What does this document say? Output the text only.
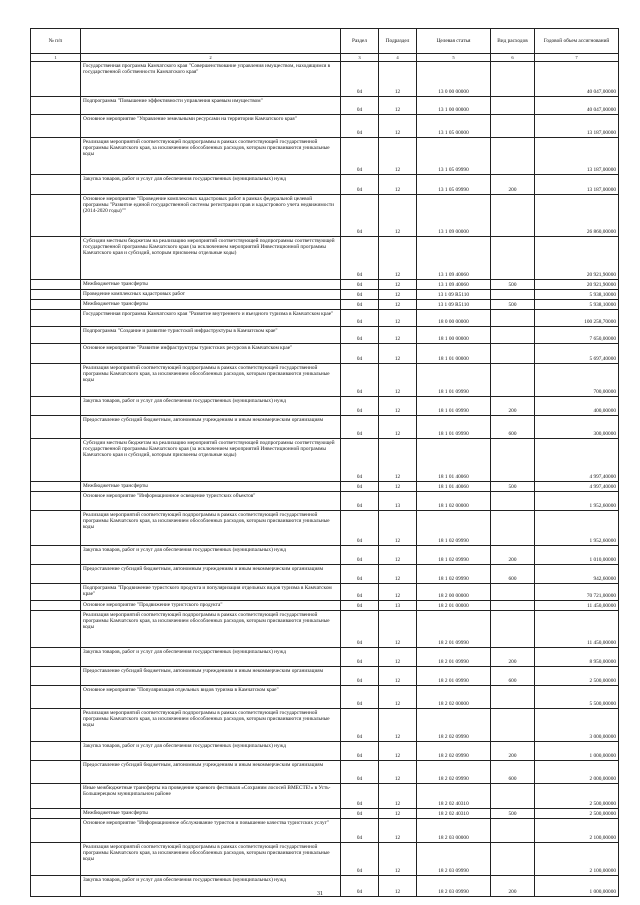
№ п/п		Раздел	Подраздел	Целевая статья	Вид расходов	Годовой объем ассигнований
1	2	3	4	5	6	7
	Государственная программа Камчатского края "Совершенствование управления имуществом, находящимся в государственной собственности Камчатского края"	04	12	13 0 00 00000		40 047,00000
	Подпрограмма "Повышение эффективности управления краевым имуществом"	04	12	13 1 00 00000		40 047,00000
	Основное мероприятие "Управление земельными ресурсами на территории Камчатского края"	04	12	13 1 05 00000		13 187,00000
	Реализация мероприятий соответствующей подпрограммы в рамках соответствующей государственной программы Камчатского края, за исключением обособленных расходов, которым присваиваются уникальные коды	04	12	13 1 05 09990		13 187,00000
	Закупка товаров, работ и услуг для обеспечения государственных (муниципальных) нужд	04	12	13 1 05 09990	200	13 187,00000
	Основное мероприятие "Проведение комплексных кадастровых работ в рамках федеральной целевой программы "Развитие единой государственной системы регистрации прав и кадастрового учета недвижимости (2014-2020 годы)""	04	12	13 1 09 00000		26 860,00000
	Субсидии местным бюджетам на реализацию мероприятий соответствующей подпрограммы соответствующей государственной программы Камчатского края (за исключением мероприятий Инвестиционной программы Камчатского края и субсидий, которым присвоены отдельные коды)	04	12	13 1 09 40060		20 921,90000
	Межбюджетные трансферты	04	12	13 1 09 40060	500	20 921,90000
	Проведение комплексных кадастровых работ	04	12	13 1 09 R5110		5 938,10000
	Межбюджетные трансферты	04	12	13 1 09 R5110	500	5 938,10000
	Государственная программа Камчатского края "Развитие внутреннего и въездного туризма в Камчатском крае"	04	12	18 0 00 00000		100 258,70000
	Подпрограмма "Создание и развитие туристской инфраструктуры в Камчатском крае"	04	12	18 1 00 00000		7 650,00000
	Основное мероприятие "Развитие инфраструктуры туристских ресурсов в Камчатском крае"	04	12	18 1 01 00000		5 697,40000
	Реализация мероприятий соответствующей подпрограммы в рамках соответствующей государственной программы Камчатского края, за исключением обособленных расходов, которым присваиваются уникальные коды	04	12	18 1 01 09990		700,00000
	Закупка товаров, работ и услуг для обеспечения государственных (муниципальных) нужд	04	12	18 1 01 09990	200	400,00000
	Предоставление субсидий бюджетным, автономным учреждениям и иным некоммерческим организациям	04	12	18 1 01 09990	600	300,00000
	Субсидии местным бюджетам на реализацию мероприятий соответствующей подпрограммы соответствующей государственной программы Камчатского края (за исключением мероприятий Инвестиционной программы Камчатского края и субсидий, которым присвоены отдельные коды)	04	12	18 1 01 40060		4 997,40000
	Межбюджетные трансферты	04	12	18 1 01 40060	500	4 997,40000
	Основное мероприятие "Информационное освещение туристских объектов"	04	13	18 1 02 00000		1 952,60000
	Реализация мероприятий соответствующей подпрограммы в рамках соответствующей государственной программы Камчатского края, за исключением обособленных расходов, которым присваиваются уникальные коды	04	12	18 1 02 09990		1 952,60000
	Закупка товаров, работ и услуг для обеспечения государственных (муниципальных) нужд	04	12	18 1 02 09990	200	1 010,00000
	Предоставление субсидий бюджетным, автономным учреждениям и иным некоммерческим организациям	04	12	18 1 02 09990	600	942,60000
	Подпрограмма "Продвижение туристского продукта и популяризация отдельных видов туризма в Камчатском крае"	04	12	18 2 00 00000		70 721,00000
	Основное мероприятие "Продвижение туристского продукта"	04	13	18 2 01 00000		11 450,00000
	Реализация мероприятий соответствующей подпрограммы в рамках соответствующей государственной программы Камчатского края, за исключением обособленных расходов, которым присваиваются уникальные коды	04	12	18 2 01 09990		11 450,00000
	Закупка товаров, работ и услуг для обеспечения государственных (муниципальных) нужд	04	12	18 2 01 09990	200	8 950,00000
	Предоставление субсидий бюджетным, автономным учреждениям и иным некоммерческим организациям	04	12	18 2 01 09990	600	2 500,00000
	Основное мероприятие "Популяризация отдельных видов туризма в Камчатском крае"	04	12	18 2 02 00000		5 500,00000
	Реализация мероприятий соответствующей подпрограммы в рамках соответствующей государственной программы Камчатского края, за исключением обособленных расходов, которым присваиваются уникальные коды	04	12	18 2 02 09990		3 000,00000
	Закупка товаров, работ и услуг для обеспечения государственных (муниципальных) нужд	04	12	18 2 02 09990	200	1 000,00000
	Предоставление субсидий бюджетным, автономным учреждениям и иным некоммерческим организациям	04	12	18 2 02 09990	600	2 000,00000
	Иные межбюджетные трансферты на проведение краевого фестиваля «Сохраним лососей ВМЕСТЕ!» в Усть-Большерецком муниципальном районе	04	12	18 2 02 40310		2 500,00000
	Межбюджетные трансферты	04	12	18 2 02 40310	500	2 500,00000
	Основное мероприятие "Информационное обслуживание туристов и повышение качества туристских услуг"	04	12	18 2 03 00000		2 100,00000
	Реализация мероприятий соответствующей подпрограммы в рамках соответствующей государственной программы Камчатского края, за исключением обособленных расходов, которым присваиваются уникальные коды	04	12	18 2 03 09990		2 100,00000
	Закупка товаров, работ и услуг для обеспечения государственных (муниципальных) нужд	04	12	18 2 03 09990	200	1 000,00000
31
